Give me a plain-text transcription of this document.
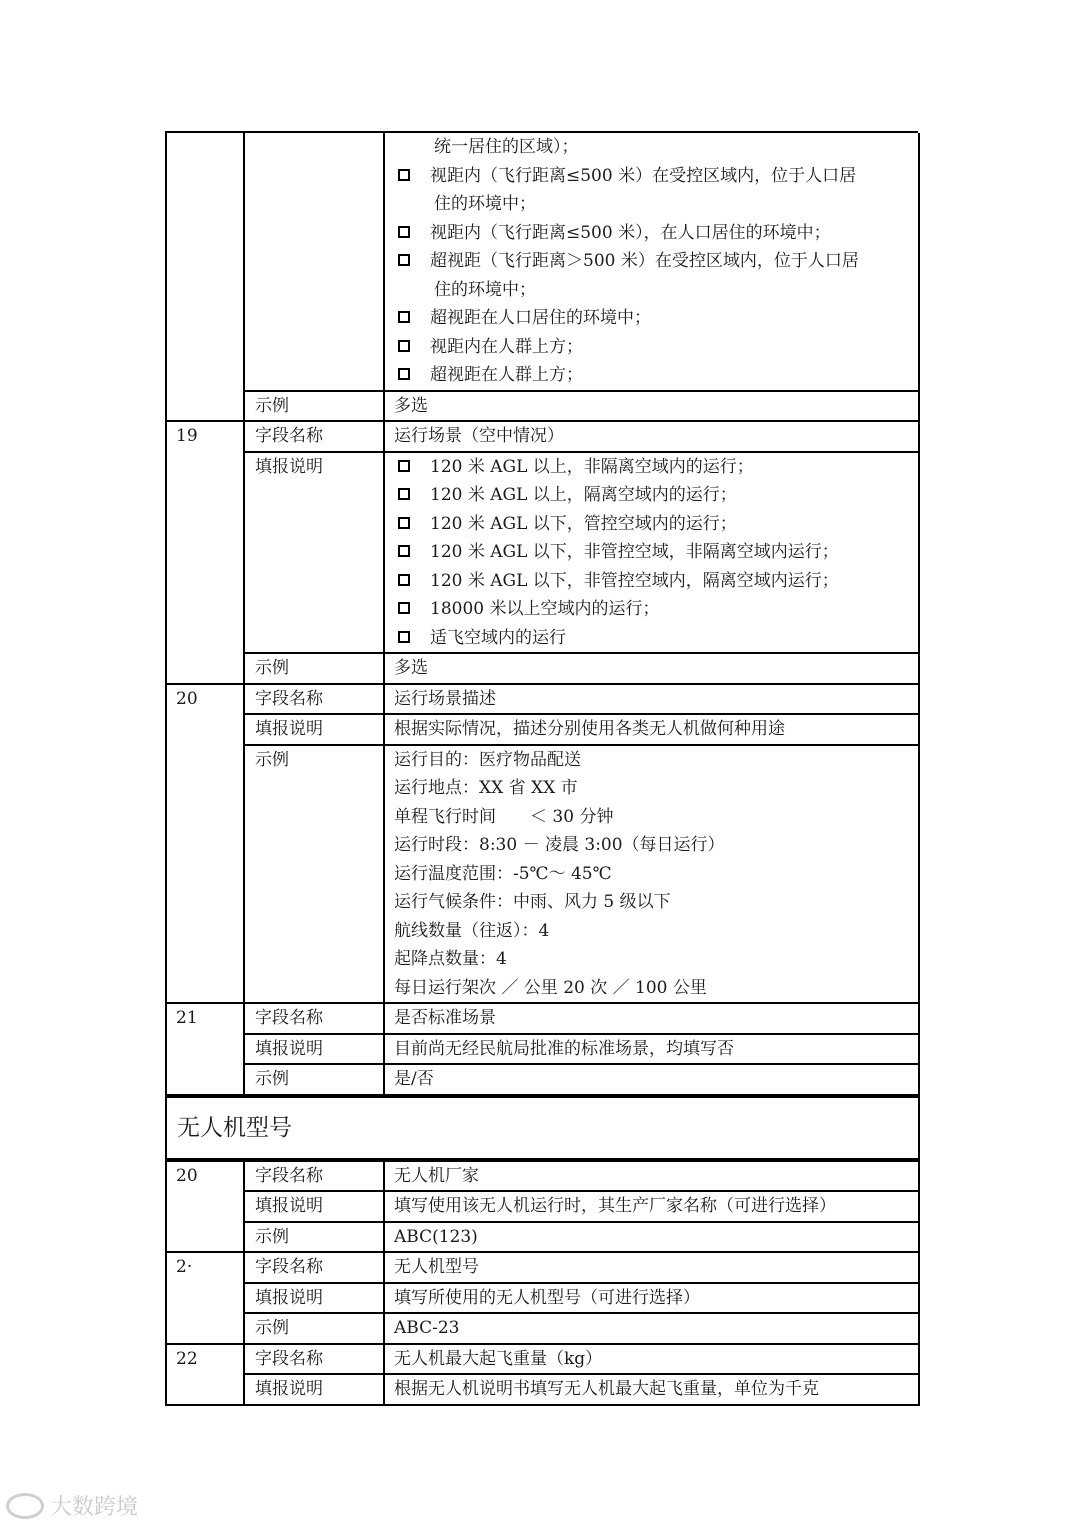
统一居住的区域）；
视距内（飞行距离≤500 米）在受控区域内，位于人口居
住的环境中；
视距内（飞行距离≤500 米），在人口居住的环境中；
超视距（飞行距离＞500 米）在受控区域内，位于人口居
住的环境中；
超视距在人口居住的环境中；
视距内在人群上方；
超视距在人群上方；
示例	多选
19	字段名称	运行场景（空中情况）
填报说明	120 米 AGL 以上，非隔离空域内的运行；
120 米 AGL 以上，隔离空域内的运行；
120 米 AGL 以下，管控空域内的运行；
120 米 AGL 以下，非管控空域，非隔离空域内运行；
120 米 AGL 以下，非管控空域内，隔离空域内运行；
18000 米以上空域内的运行；
适飞空域内的运行
示例	多选
20	字段名称	运行场景描述
填报说明	根据实际情况，描述分别使用各类无人机做何种用途
示例	运行目的：医疗物品配送
运行地点：XX 省 XX 市
单程飞行时间　　＜ 30 分钟
运行时段：8:30 － 凌晨 3:00（每日运行）
运行温度范围：-5℃～ 45℃
运行气候条件：中雨、风力 5 级以下
航线数量（往返）：4
起降点数量：4
每日运行架次 ／ 公里 20 次 ／ 100 公里
21	字段名称	是否标准场景
填报说明	目前尚无经民航局批准的标准场景，均填写否
示例	是/否
无人机型号
20	字段名称	无人机厂家
填报说明	填写使用该无人机运行时，其生产厂家名称（可进行选择）
示例	ABC(123)
2·	字段名称	无人机型号
填报说明	填写所使用的无人机型号（可进行选择）
示例	ABC-23
22	字段名称	无人机最大起飞重量（kg）
填报说明	根据无人机说明书填写无人机最大起飞重量，单位为千克
大数跨境
